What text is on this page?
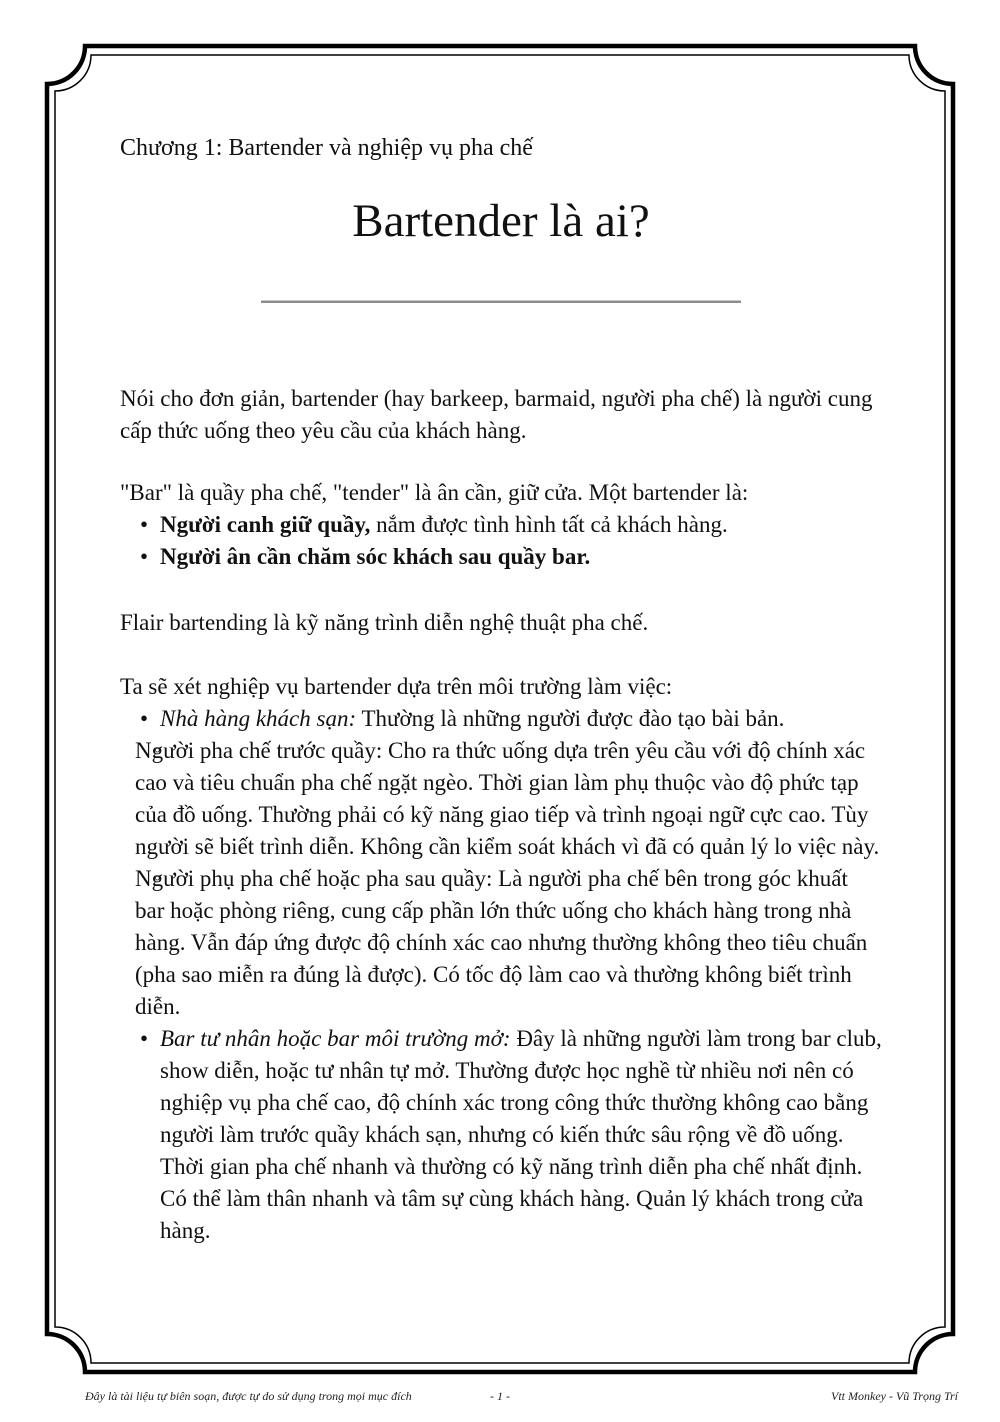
Chương 1: Bartender và nghiệp vụ pha chế
Bartender là ai?

Nói cho đơn giản, bartender (hay barkeep, barmaid, người pha chế) là người cung cấp thức uống theo yêu cầu của khách hàng.

"Bar" là quầy pha chế, "tender" là ân cần, giữ cửa. Một bartender là:

• Người canh giữ quầy, nắm được tình hình tất cả khách hàng.
• Người ân cần chăm sóc khách sau quầy bar.

Flair bartending là kỹ năng trình diễn nghệ thuật pha chế.

Ta sẽ xét nghiệp vụ bartender dựa trên môi trường làm việc:

• Nhà hàng khách sạn: Thường là những người được đào tạo bài bản.
◦ Người pha chế trước quầy: Cho ra thức uống dựa trên yêu cầu với độ chính xác cao và tiêu chuẩn pha chế ngặt ngèo. Thời gian làm phụ thuộc vào độ phức tạp của đồ uống. Thường phải có kỹ năng giao tiếp và trình ngoại ngữ cực cao. Tùy người sẽ biết trình diễn. Không cần kiểm soát khách vì đã có quản lý lo việc này.
◦ Người phụ pha chế hoặc pha sau quầy: Là người pha chế bên trong góc khuất bar hoặc phòng riêng, cung cấp phần lớn thức uống cho khách hàng trong nhà hàng. Vẫn đáp ứng được độ chính xác cao nhưng thường không theo tiêu chuẩn (pha sao miễn ra đúng là được). Có tốc độ làm cao và thường không biết trình diễn.
• Bar tư nhân hoặc bar môi trường mở: Đây là những người làm trong bar club, show diễn, hoặc tư nhân tự mở. Thường được học nghề từ nhiều nơi nên có nghiệp vụ pha chế cao, độ chính xác trong công thức thường không cao bằng người làm trước quầy khách sạn, nhưng có kiến thức sâu rộng về đồ uống. Thời gian pha chế nhanh và thường có kỹ năng trình diễn pha chế nhất định. Có thể làm thân nhanh và tâm sự cùng khách hàng. Quản lý khách trong cửa hàng.
Đây là tài liệu tự biên soạn, được tự do sử dụng trong mọi mục đích	- 1 -	Vtt Monkey - Vũ Trọng Trí
